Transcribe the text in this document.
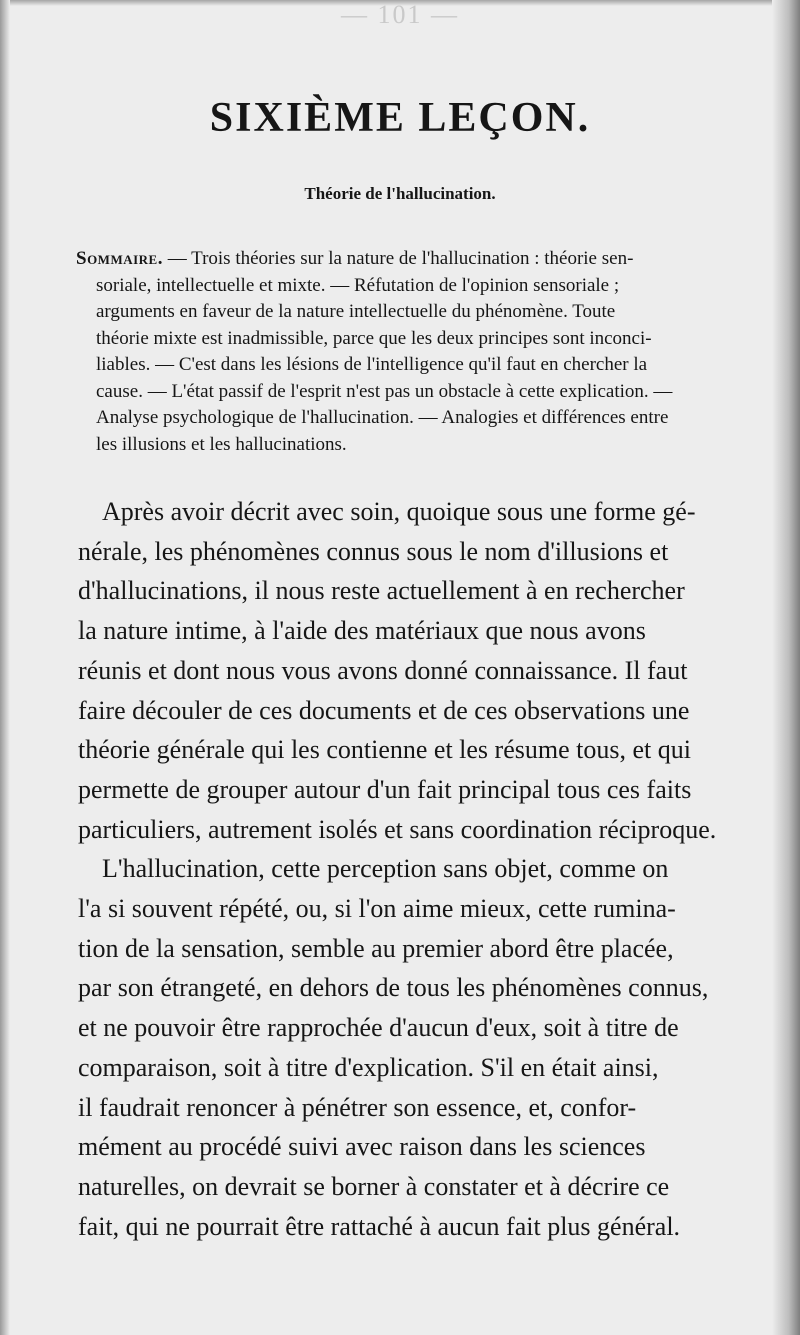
— 101 —
SIXIÈME LEÇON.
Théorie de l'hallucination.
Sommaire. — Trois théories sur la nature de l'hallucination : théorie sen-
soriale, intellectuelle et mixte. — Réfutation de l'opinion sensoriale ;
arguments en faveur de la nature intellectuelle du phénomène. Toute
théorie mixte est inadmissible, parce que les deux principes sont inconci-
liables. — C'est dans les lésions de l'intelligence qu'il faut en chercher la
cause. — L'état passif de l'esprit n'est pas un obstacle à cette explication. —
Analyse psychologique de l'hallucination. — Analogies et différences entre
les illusions et les hallucinations.
Après avoir décrit avec soin, quoique sous une forme gé-
nérale, les phénomènes connus sous le nom d'illusions et
d'hallucinations, il nous reste actuellement à en rechercher
la nature intime, à l'aide des matériaux que nous avons
réunis et dont nous vous avons donné connaissance. Il faut
faire découler de ces documents et de ces observations une
théorie générale qui les contienne et les résume tous, et qui
permette de grouper autour d'un fait principal tous ces faits
particuliers, autrement isolés et sans coordination réciproque.
L'hallucination, cette perception sans objet, comme on
l'a si souvent répété, ou, si l'on aime mieux, cette rumina-
tion de la sensation, semble au premier abord être placée,
par son étrangeté, en dehors de tous les phénomènes connus,
et ne pouvoir être rapprochée d'aucun d'eux, soit à titre de
comparaison, soit à titre d'explication. S'il en était ainsi,
il faudrait renoncer à pénétrer son essence, et, confor-
mément au procédé suivi avec raison dans les sciences
naturelles, on devrait se borner à constater et à décrire ce
fait, qui ne pourrait être rattaché à aucun fait plus général.
